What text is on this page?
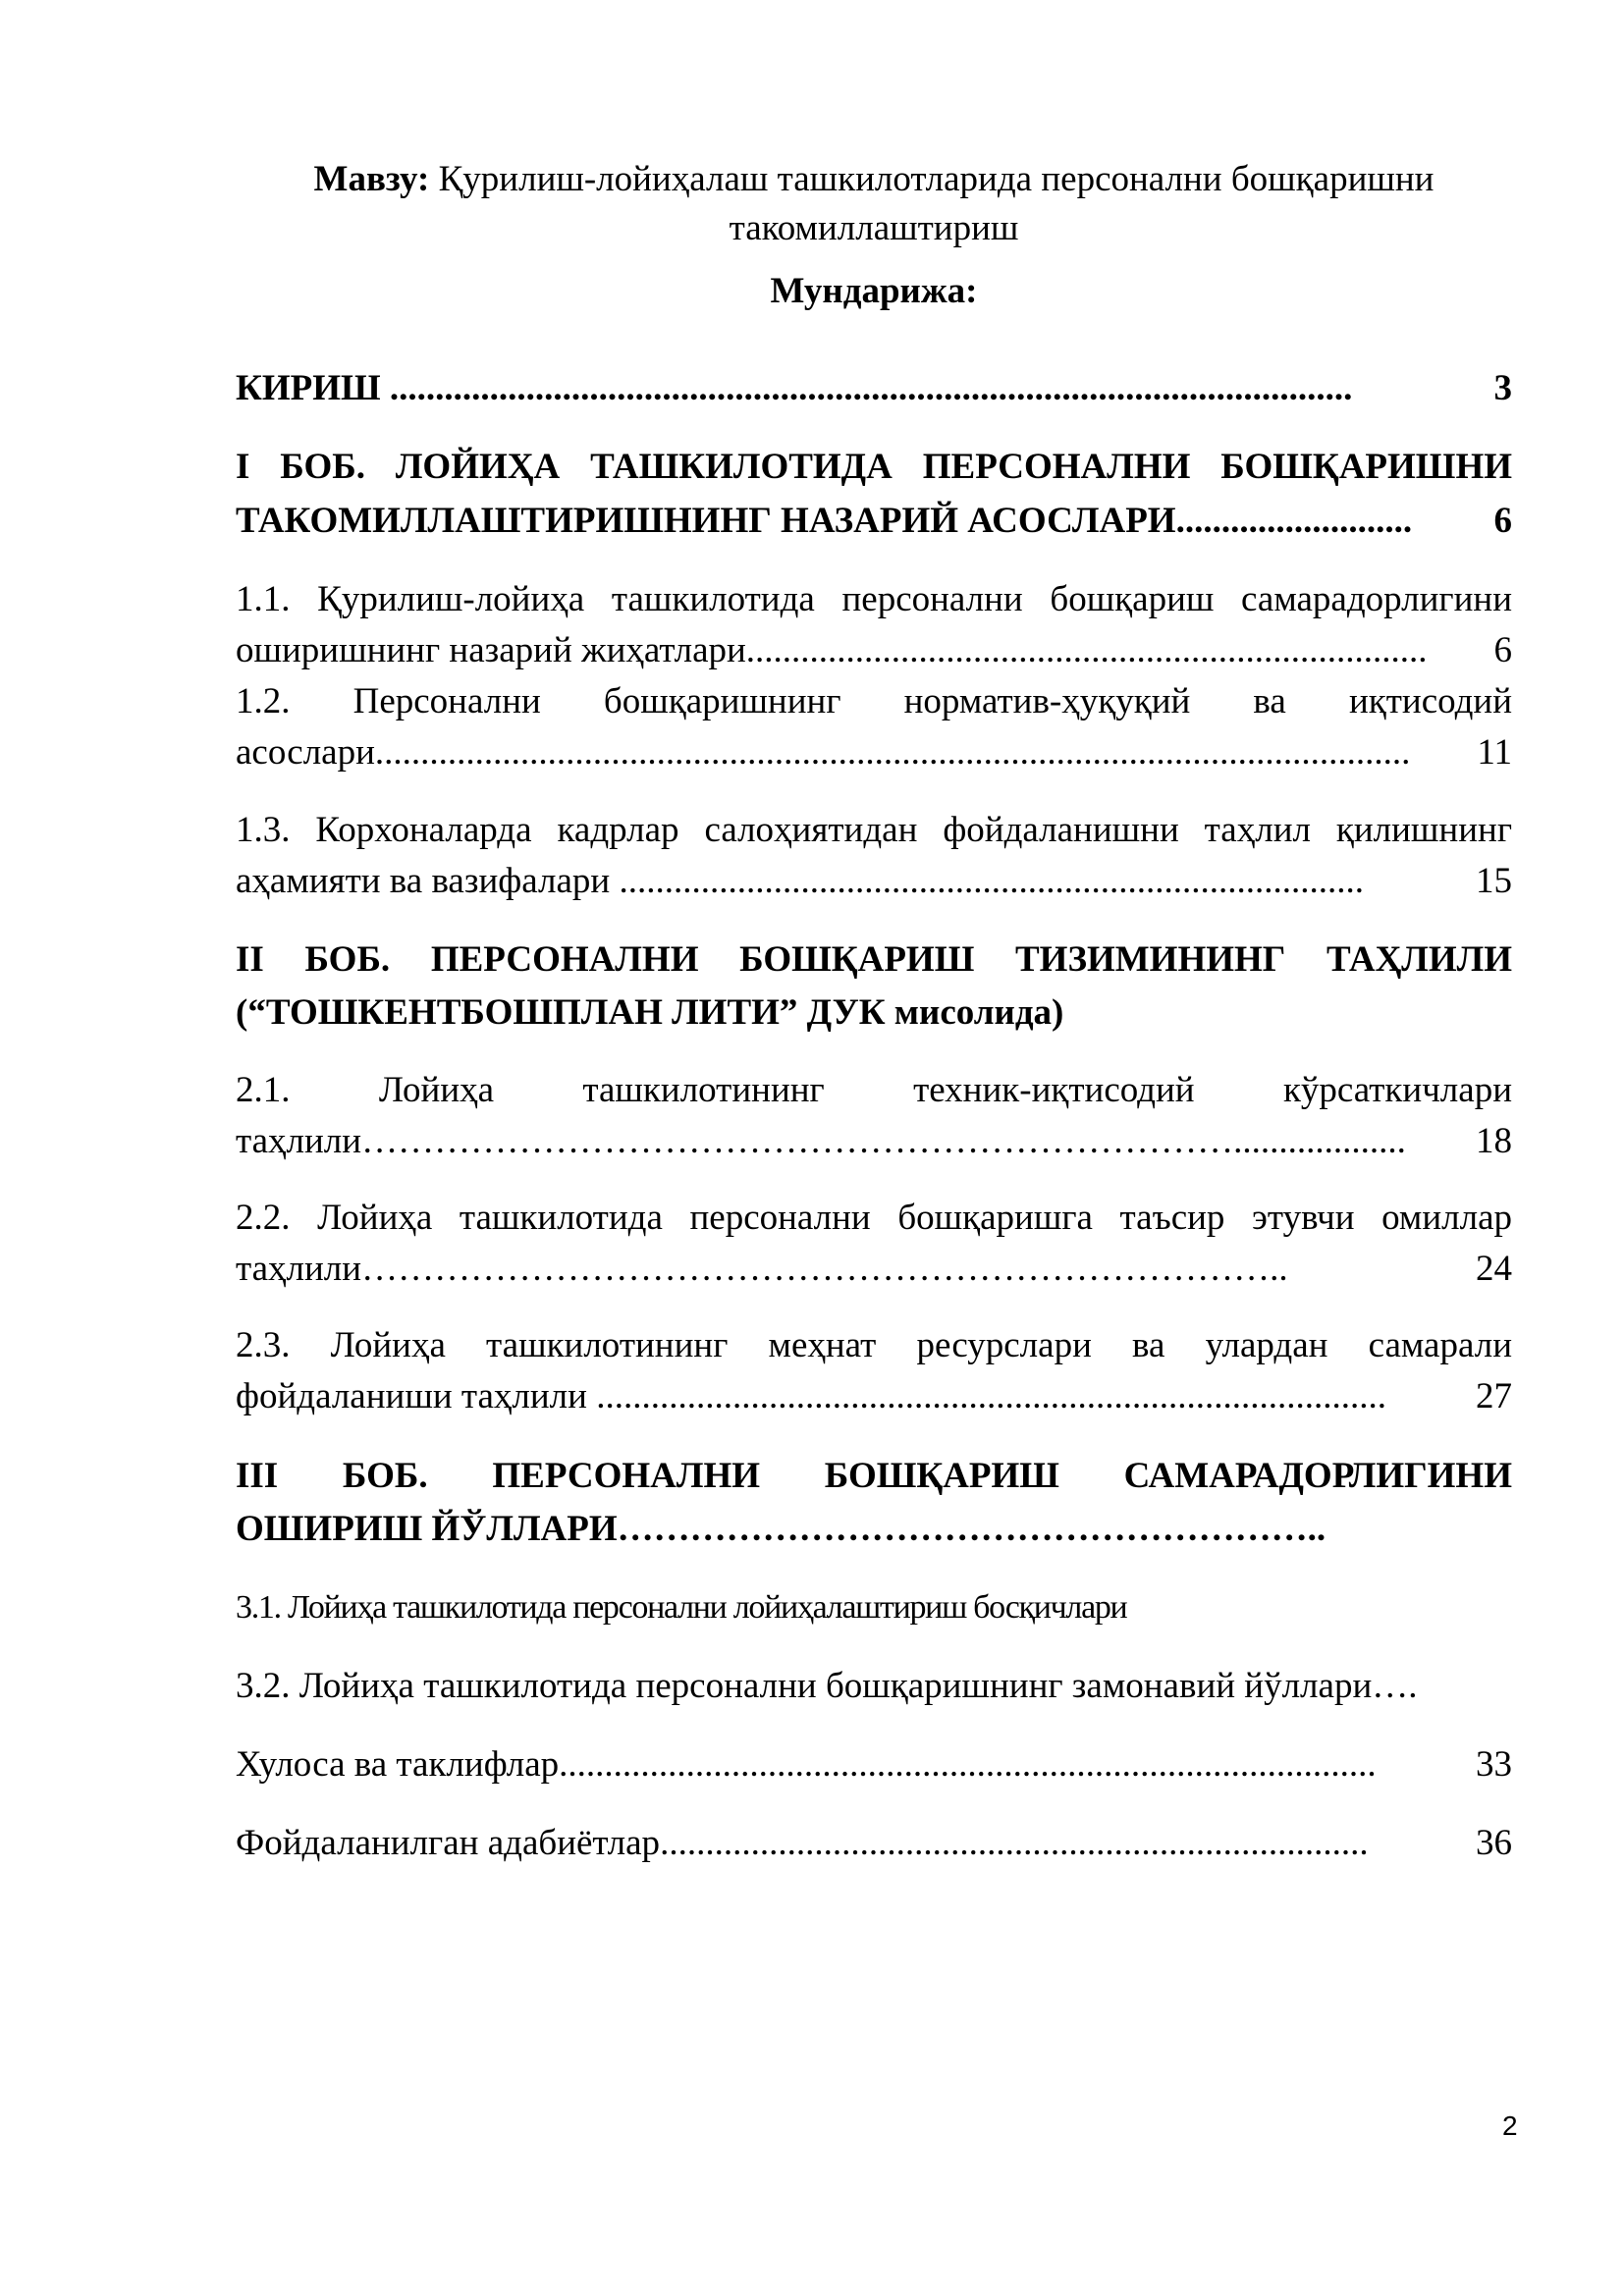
Мавзу: Қурилиш-лойиҳалаш ташкилотларида персонални бошқаришни
такомиллаштириш
Мундарижа:
КИРИШ ..........................................................................................................	3
I БОБ. ЛОЙИҲА ТАШКИЛОТИДА ПЕРСОНАЛНИ БОШҚАРИШНИ
ТАКОМИЛЛАШТИРИШНИНГ НАЗАРИЙ АСОСЛАРИ..........................	6
1.1. Қурилиш-лойиҳа ташкилотида персонални бошқариш самарадорлигини
оширишнинг назарий жиҳатлари...........................................................................	6
1.2. Персонални бошқаришнинг норматив-ҳуқуқий ва иқтисодий
асослари..................................................................................................................	11
1.3. Корхоналарда кадрлар салоҳиятидан фойдаланишни таҳлил қилишнинг
аҳамияти ва вазифалари ..................................................................................	15
II БОБ. ПЕРСОНАЛНИ БОШҚАРИШ ТИЗИМИНИНГ ТАҲЛИЛИ
(“ТОШКЕНТБОШПЛАН ЛИТИ” ДУК мисолида)
2.1. Лойиҳа ташкилотининг техник-иқтисодий кўрсаткичлари
таҳлили………………………………………………………………...................	18
2.2. Лойиҳа ташкилотида персонални бошқаришга таъсир этувчи омиллар
таҳлили…………………………………………………………………..	24
2.3. Лойиҳа ташкилотининг меҳнат ресурслари ва улардан самарали
фойдаланиши таҳлили .......................................................................................	27
III БОБ. ПЕРСОНАЛНИ БОШҚАРИШ САМАРАДОРЛИГИНИ
ОШИРИШ ЙЎЛЛАРИ…………………………………………………..
3.1. Лойиҳа ташкилотида персонални лойиҳалаштириш босқичлари
3.2. Лойиҳа ташкилотида персонални бошқаришнинг замонавий йўллари….
Хулоса ва таклифлар..........................................................................................	33
Фойдаланилган адабиётлар..............................................................................	36
2
